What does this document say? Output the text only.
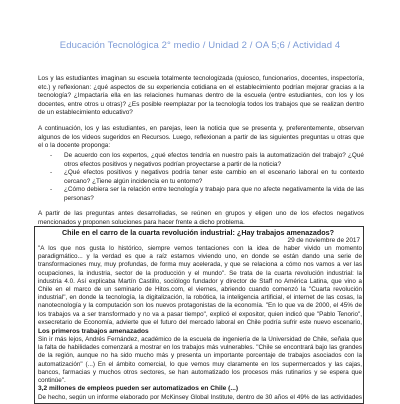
Educación Tecnológica 2° medio / Unidad 2 / OA 5;6 / Actividad 4

Los y las estudiantes imaginan su escuela totalmente tecnologizada (quiosco, funcionarios, docentes, inspectoría, etc.) y reflexionan: ¿qué aspectos de su experiencia cotidiana en el establecimiento podrían mejorar gracias a la tecnología? ¿Impactaría ella en las relaciones humanas dentro de la escuela (entre estudiantes, con los y los docentes, entre otros u otras)? ¿Es posible reemplazar por la tecnología todos los trabajos que se realizan dentro de un establecimiento educativo?

A continuación, los y las estudiantes, en parejas, leen la noticia que se presenta y, preferentemente, observan algunos de los videos sugeridos en Recursos. Luego, reflexionan a partir de las siguientes preguntas u otras que el o la docente proponga:

- De acuerdo con los expertos, ¿qué efectos tendría en nuestro país la automatización del trabajo? ¿Qué otros efectos positivos y negativos podrían proyectarse a partir de la noticia?
- ¿Qué efectos positivos y negativos podría tener este cambio en el escenario laboral en tu contexto cercano? ¿Tiene algún incidencia en tu entorno?
- ¿Cómo debiera ser la relación entre tecnología y trabajo para que no afecte negativamente la vida de las personas?

A partir de las preguntas antes desarrolladas, se reúnen en grupos y eligen uno de los efectos negativos mencionados y proponen soluciones para hacer frente a dicho problema.

Chile en el carro de la cuarta revolución industrial: ¿Hay trabajos amenazados?
29 de noviembre de 2017

"A los que nos gusta lo histórico, siempre vemos tentaciones con la idea de haber vivido un momento paradigmático... y la verdad es que a raíz estamos viviendo uno, en donde se están dando una serie de transformaciones muy, muy profundas, de forma muy acelerada, y que se relaciona a cómo nos vamos a ver las ocupaciones, la industria, sector de la producción y el mundo". Se trata de la cuarta revolución industrial: la industria 4.0. Así explicaba Martín Castillo, sociólogo fundador y director de Staff no América Latina, que vino a Chile en el marco de un seminario de Hitos.com, el viernes, abriendo cuando comenzó la "Cuarta revolución industrial", en donde la tecnología, la digitalización, la robótica, la inteligencia artificial, el internet de las cosas, la nanotecnología y la computación son los nuevos protagonistas de la economía. "En lo que va de 2000, el 45% de los trabajos va a ser transformado y no va a pasar tiempo", explicó el expositor, quien indicó que "Pablo Tenorio", exsecretario de Economía, advierte que el futuro del mercado laboral en Chile podría sufrir este nuevo escenario,

Los primeros trabajos amenazados

Sin ir más lejos, Andrés Fernández, académico de la escuela de ingeniería de la Universidad de Chile, señala que la falta de habilidades comenzará a mostrar en los trabajos más vulnerables. "Chile se encontrará bajo las grandes de la región, aunque no ha sido mucho más y presenta un importante porcentaje de trabajos asociados con la automatización" (...) En el ámbito comercial, lo que vemos muy claramente en los supermercados y las cajas, bancos, farmacias y muchos otros sectores, se han automatizado los procesos más rutinarios y se espera que continúe".

3,2 millones de empleos pueden ser automatizados en Chile (...)

De hecho, según un informe elaborado por McKinsey Global Institute, dentro de 30 años el 49% de las actividades
